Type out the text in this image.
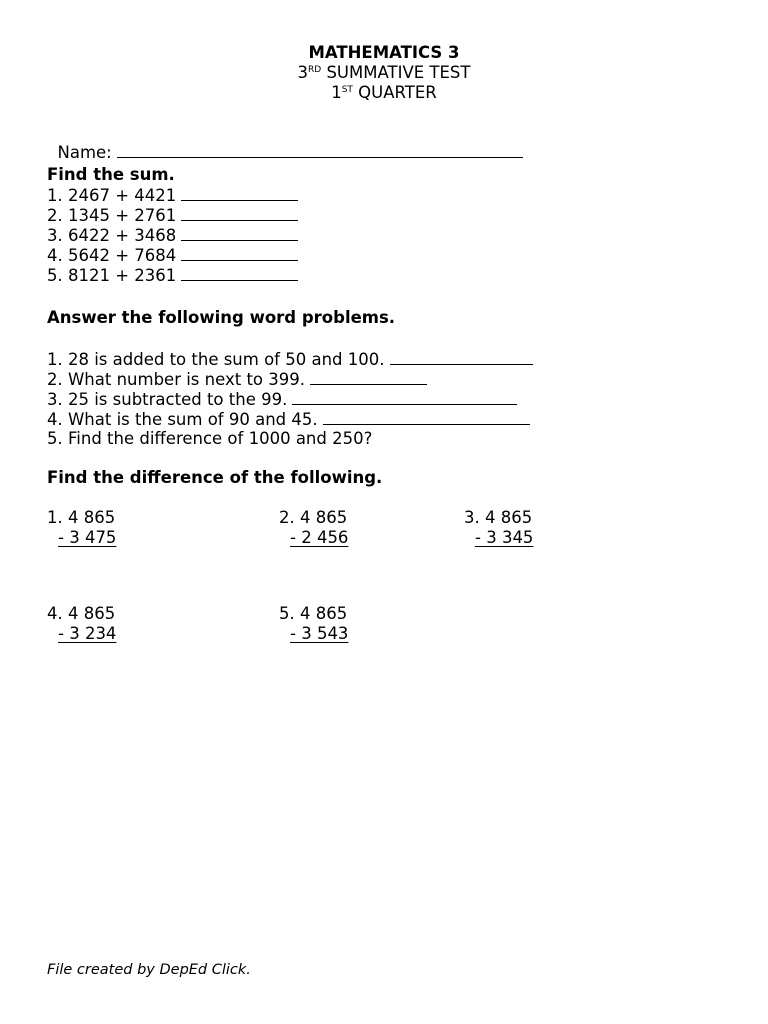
MATHEMATICS 3
3RD SUMMATIVE TEST
1ST QUARTER

Name:

Find the sum.
1. 2467 + 4421
2. 1345 + 2761
3. 6422 + 3468
4. 5642 + 7684
5. 8121 + 2361
Answer the following word problems.
1. 28 is added to the sum of 50 and 100.
2. What number is next to 399.
3. 25 is subtracted to the 99.
4. What is the sum of 90 and 45.
5. Find the difference of 1000 and 250?
Find the difference of the following.
1. 4 865
- 3 475
2. 4 865
- 2 456
3. 4 865
- 3 345
4. 4 865
- 3 234
5. 4 865
- 3 543
File created by DepEd Click.
